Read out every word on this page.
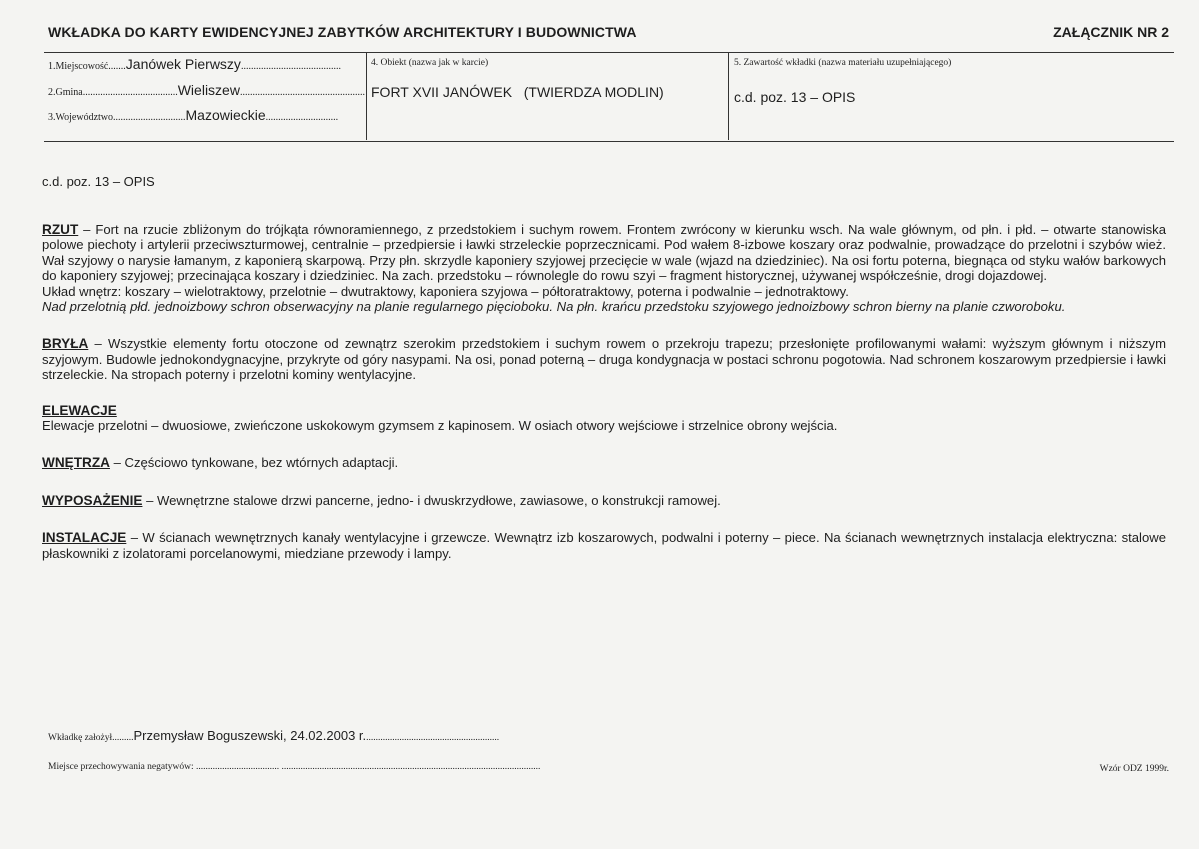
WKŁADKA DO KARTY EWIDENCYJNEJ ZABYTKÓW ARCHITEKTURY I BUDOWNICTWA	ZAŁĄCZNIK NR 2
1.Miejscowość.......Janówek Pierwszy........................................
2.Gmina......................................Wieliszew..................................................
3.Województwo.............................Mazowieckie.............................
4. Obiekt (nazwa jak w karcie)
FORT XVII JANÓWEK   (TWIERDZA MODLIN)
5. Zawartość wkładki (nazwa materiału uzupełniającego)
c.d. poz. 13 – OPIS
c.d. poz. 13 – OPIS

RZUT – Fort na rzucie zbliżonym do trójkąta równoramiennego, z przedstokiem i suchym rowem. Frontem zwrócony w kierunku wsch. Na wale głównym, od płn. i płd. – otwarte stanowiska polowe piechoty i artylerii przeciwszturmowej, centralnie – przedpiersie i ławki strzeleckie poprzecznicami. Pod wałem 8-izbowe koszary oraz podwalnie, prowadzące do przelotni i szybów wież. Wał szyjowy o narysie łamanym, z kaponierą skarpową. Przy płn. skrzydle kaponiery szyjowej przecięcie w wale (wjazd na dziedziniec). Na osi fortu poterna, biegnąca od styku wałów barkowych do kaponiery szyjowej; przecinająca koszary i dziedziniec. Na zach. przedstoku – równolegle do rowu szyi – fragment historycznej, używanej współcześnie, drogi dojazdowej.

Układ wnętrz: koszary – wielotraktowy, przelotnie – dwutraktowy, kaponiera szyjowa – półtoratraktowy, poterna i podwalnie – jednotraktowy.

Nad przelotnią płd. jednoizbowy schron obserwacyjny na planie regularnego pięcioboku. Na płn. krańcu przedstoku szyjowego jednoizbowy schron bierny na planie czworoboku.

BRYŁA – Wszystkie elementy fortu otoczone od zewnątrz szerokim przedstokiem i suchym rowem o przekroju trapezu; przesłonięte profilowanymi wałami: wyższym głównym i niższym szyjowym. Budowle jednokondygnacyjne, przykryte od góry nasypami. Na osi, ponad poterną – druga kondygnacja w postaci schronu pogotowia. Nad schronem koszarowym przedpiersie i ławki strzeleckie. Na stropach poterny i przelotni kominy wentylacyjne.

ELEWACJE

Elewacje przelotni – dwuosiowe, zwieńczone uskokowym gzymsem z kapinosem. W osiach otwory wejściowe i strzelnice obrony wejścia.

WNĘTRZA – Częściowo tynkowane, bez wtórnych adaptacji.

WYPOSAŻENIE – Wewnętrzne stalowe drzwi pancerne, jedno- i dwuskrzydłowe, zawiasowe, o konstrukcji ramowej.

INSTALACJE – W ścianach wewnętrznych kanały wentylacyjne i grzewcze. Wewnątrz izb koszarowych, podwalni i poterny – piece. Na ścianach wewnętrznych instalacja elektryczna: stalowe płaskowniki z izolatorami porcelanowymi, miedziane przewody i lampy.

Wkładkę założył.........Przemysław Boguszewski, 24.02.2003 r.........................................................
Miejsce przechowywania negatywów: ................................... .............................................................................................................	Wzór ODZ 1999r.
